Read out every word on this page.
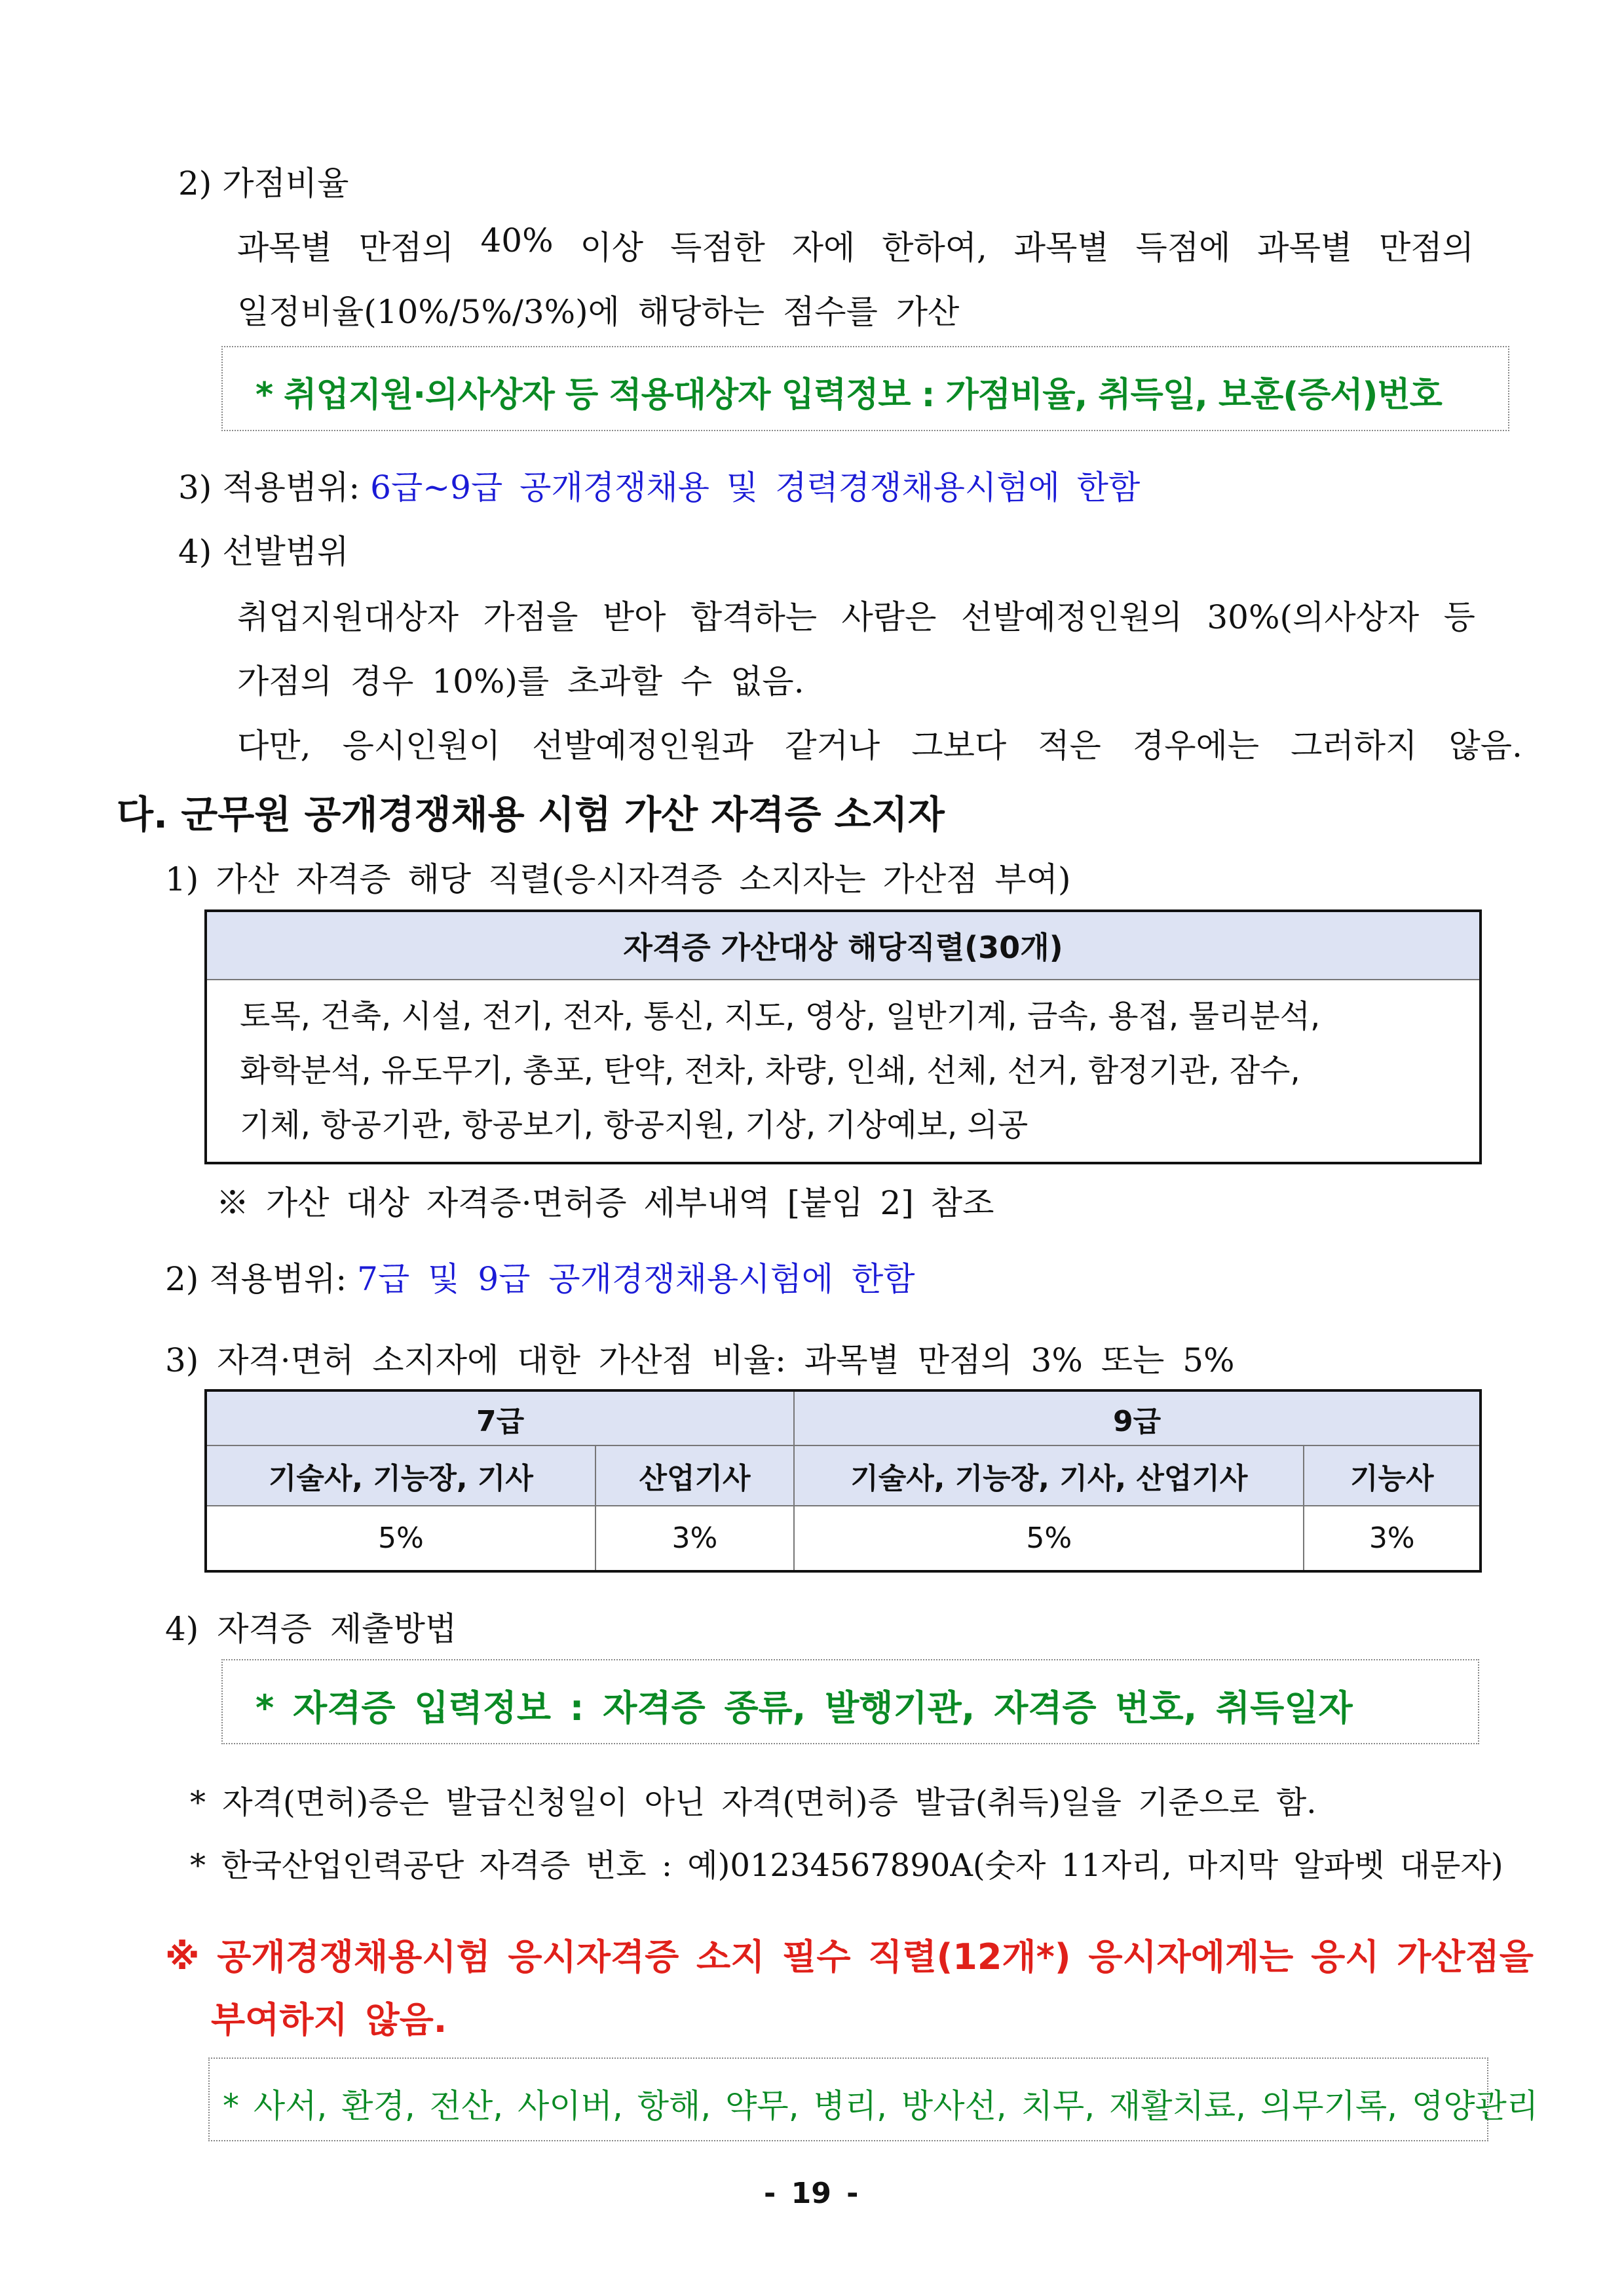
2) 가점비율
과목별 만점의 40% 이상 득점한 자에 한하여, 과목별 득점에 과목별 만점의
일정비율(10%/5%/3%)에 해당하는 점수를 가산
* 취업지원·의사상자 등 적용대상자 입력정보 : 가점비율, 취득일, 보훈(증서)번호
3) 적용범위: 6급∼9급 공개경쟁채용 및 경력경쟁채용시험에 한함
4) 선발범위
취업지원대상자 가점을 받아 합격하는 사람은 선발예정인원의 30%(의사상자 등
가점의 경우 10%)를 초과할 수 없음.
다만, 응시인원이 선발예정인원과 같거나 그보다 적은 경우에는 그러하지 않음.
다. 군무원 공개경쟁채용 시험 가산 자격증 소지자
1) 가산 자격증 해당 직렬(응시자격증 소지자는 가산점 부여)
자격증 가산대상 해당직렬(30개)

토목, 건축, 시설, 전기, 전자, 통신, 지도, 영상, 일반기계, 금속, 용접, 물리분석,
화학분석, 유도무기, 총포, 탄약, 전차, 차량, 인쇄, 선체, 선거, 함정기관, 잠수,
기체, 항공기관, 항공보기, 항공지원, 기상, 기상예보, 의공
※ 가산 대상 자격증·면허증 세부내역 [붙임 2] 참조
2) 적용범위: 7급 및 9급 공개경쟁채용시험에 한함
3) 자격·면허 소지자에 대한 가산점 비율: 과목별 만점의 3% 또는 5%
7급		9급	
기술사, 기능장, 기사	산업기사	기술사, 기능장, 기사, 산업기사	기능사
5%	3%	5%	3%
4) 자격증 제출방법
* 자격증 입력정보 : 자격증 종류, 발행기관, 자격증 번호, 취득일자
* 자격(면허)증은 발급신청일이 아닌 자격(면허)증 발급(취득)일을 기준으로 함.
* 한국산업인력공단 자격증 번호 : 예)01234567890A(숫자 11자리, 마지막 알파벳 대문자)
※ 공개경쟁채용시험 응시자격증 소지 필수 직렬(12개*) 응시자에게는 응시 가산점을
부여하지 않음.
* 사서, 환경, 전산, 사이버, 항해, 약무, 병리, 방사선, 치무, 재활치료, 의무기록, 영양관리
- 19 -
